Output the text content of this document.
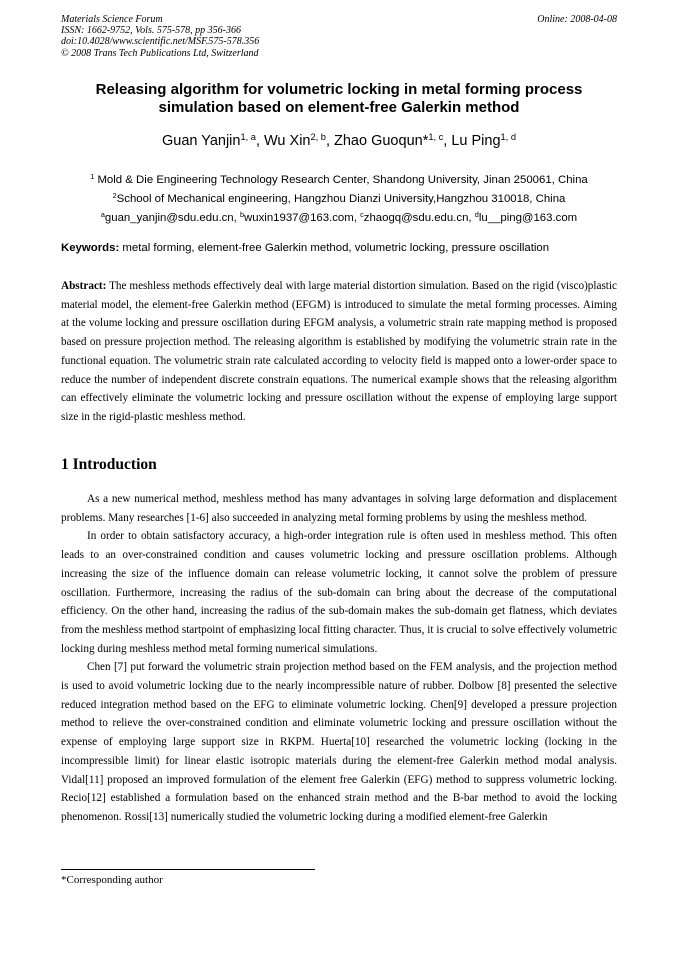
Materials Science Forum	Online: 2008-04-08
ISSN: 1662-9752, Vols. 575-578, pp 356-366
doi:10.4028/www.scientific.net/MSF.575-578.356
© 2008 Trans Tech Publications Ltd, Switzerland
Releasing algorithm for volumetric locking in metal forming process
simulation based on element-free Galerkin method
Guan Yanjin$^{1, a}$, Wu Xin$^{2, b}$, Zhao Guoqun*$^{1, c}$, Lu Ping$^{1, d}$
$^1$ Mold & Die Engineering Technology Research Center, Shandong University, Jinan 250061, China
$^2$School of Mechanical engineering, Hangzhou Dianzi University,Hangzhou 310018, China
$^a$guan_yanjin@sdu.edu.cn, $^b$wuxin1937@163.com, $^c$zhaogq@sdu.edu.cn, $^d$lu__ping@163.com
Keywords: metal forming, element-free Galerkin method, volumetric locking, pressure oscillation
Abstract: The meshless methods effectively deal with large material distortion simulation. Based on the rigid (visco)plastic material model, the element-free Galerkin method (EFGM) is introduced to simulate the metal forming processes. Aiming at the volume locking and pressure oscillation during EFGM analysis, a volumetric strain rate mapping method is proposed based on pressure projection method. The releasing algorithm is established by modifying the volumetric strain rate in the functional equation. The volumetric strain rate calculated according to velocity field is mapped onto a lower-order space to reduce the number of independent discrete constrain equations. The numerical example shows that the releasing algorithm can effectively eliminate the volumetric locking and pressure oscillation without the expense of employing large support size in the rigid-plastic meshless method.
1 Introduction

As a new numerical method, meshless method has many advantages in solving large deformation and displacement problems. Many researches [1-6] also succeeded in analyzing metal forming problems by using the meshless method.

In order to obtain satisfactory accuracy, a high-order integration rule is often used in meshless method. This often leads to an over-constrained condition and causes volumetric locking and pressure oscillation problems. Although increasing the size of the influence domain can release volumetric locking, it cannot solve the problem of pressure oscillation. Furthermore, increasing the radius of the sub-domain can bring about the decrease of the computational efficiency. On the other hand, increasing the radius of the sub-domain makes the sub-domain get flatness, which deviates from the meshless method startpoint of emphasizing local fitting character. Thus, it is crucial to solve effectively volumetric locking during meshless method metal forming numerical simulations.

Chen [7] put forward the volumetric strain projection method based on the FEM analysis, and the projection method is used to avoid volumetric locking due to the nearly incompressible nature of rubber. Dolbow [8] presented the selective reduced integration method based on the EFG to eliminate volumetric locking. Chen[9] developed a pressure projection method to relieve the over-constrained condition and eliminate volumetric locking and pressure oscillation without the expense of employing large support size in RKPM. Huerta[10] researched the volumetric locking (locking in the incompressible limit) for linear elastic isotropic materials during the element-free Galerkin method modal analysis. Vidal[11] proposed an improved formulation of the element free Galerkin (EFG) method to suppress volumetric locking. Recio[12] established a formulation based on the enhanced strain method and the B-bar method to avoid the locking phenomenon. Rossi[13] numerically studied the volumetric locking during a modified element-free Galerkin

*Corresponding author
